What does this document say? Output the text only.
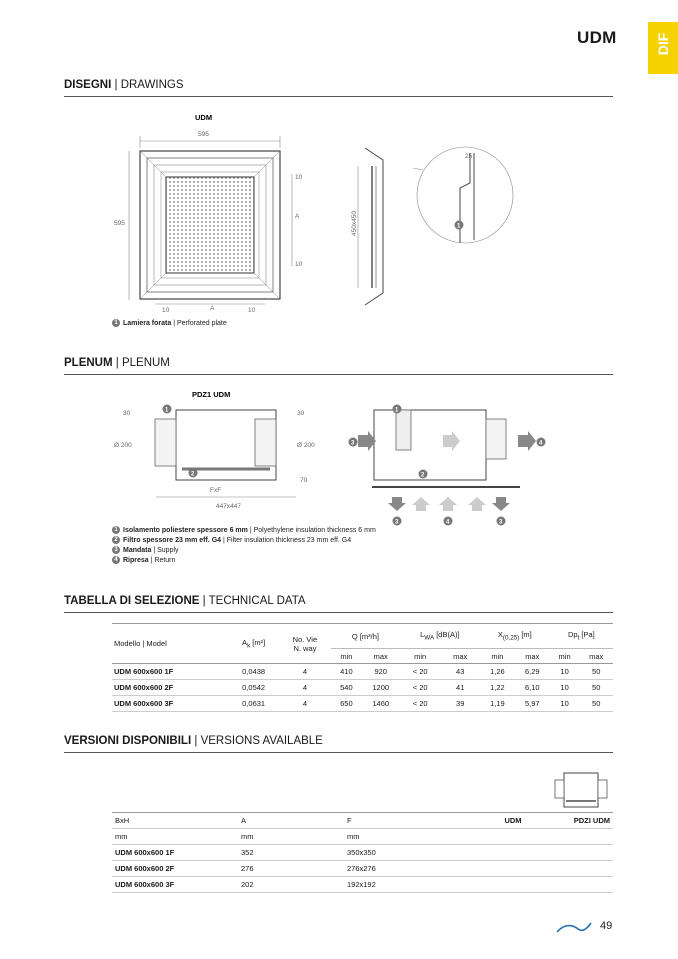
UDM	DIF
DISEGNI | DRAWINGS
UDM
595
595
10
A
10
10	A	10
450x450
25
1
1 Lamiera forata | Perforated plate
PLENUM | PLENUM
PDZ1 UDM
30	30
Ø 200	Ø 200
70
FxF
447x447
1
2
3	4
1
2
3	4	3
1 Isolamento poliestere spessore 6 mm | Polyethylene insulation thickness 6 mm
2 Filtro spessore 23 mm eff. G4 | Filter insulation thickness 23 mm eff. G4
3 Mandata | Supply
4 Ripresa | Return
TABELLA DI SELEZIONE | TECHNICAL DATA
Modello | Model	$A_k$ [m²]	No. Vie
N. way	Q [m³/h]		$L_{WA}$ [dB(A)]		$X_{(0,25)}$ [m]		$Dp_t$ [Pa]	
			min	max	min	max	min	max	min	max
UDM 600x600 1F	0,0438	4	410	920	< 20	43	1,26	6,29	10	50
UDM 600x600 2F	0,0542	4	540	1200	< 20	41	1,22	6,10	10	50
UDM 600x600 3F	0,0631	4	650	1460	< 20	39	1,19	5,97	10	50
VERSIONI DISPONIBILI | VERSIONS AVAILABLE
BxH	A	F	UDM	PDZI UDM
mm	mm	mm		
UDM 600x600 1F	352	350x350		
UDM 600x600 2F	276	276x276		
UDM 600x600 3F	202	192x192		
49
